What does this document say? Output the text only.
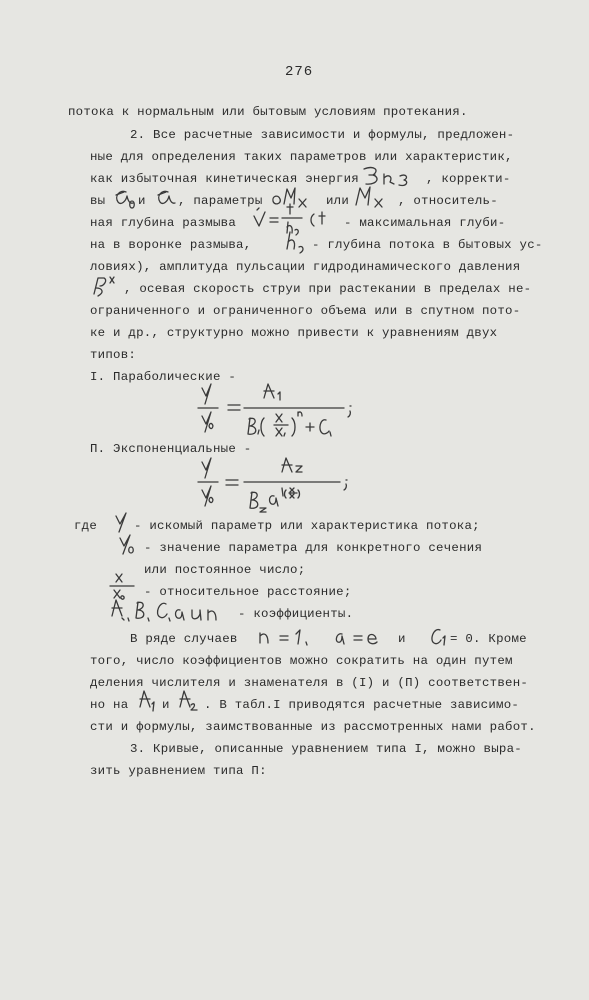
276
потока к нормальным или бытовым условиям протекания.
2. Все расчетные зависимости и формулы, предложен-
ные для определения таких параметров или характеристик,
как избыточная кинетическая энергия	, корректи-
вы	и	, параметры	или	, относитель-
ная глубина размыва	- максимальная глуби-
на в воронке размыва,	- глубина потока в бытовых ус-
ловиях), амплитуда пульсации гидродинамического давления
, осевая скорость струи при растекании в пределах не-
ограниченного и ограниченного объема или в спутном пото-
ке и др., структурно можно привести к уравнениям двух
типов:
I. Параболические -
П. Экспоненциальные -
где	- искомый параметр или характеристика потока;
- значение параметра для конкретного сечения
или постоянное число;
- относительное расстояние;
- коэффициенты.
В ряде случаев	и	= 0. Кроме
того, число коэффициентов можно сократить на один путем
деления числителя и знаменателя в (I) и (П) соответствен-
но на	и	. В табл.I приводятся расчетные зависимо-
сти и формулы, заимствованные из рассмотренных нами работ.
3. Кривые, описанные уравнением типа I, можно выра-
зить уравнением типа П:
